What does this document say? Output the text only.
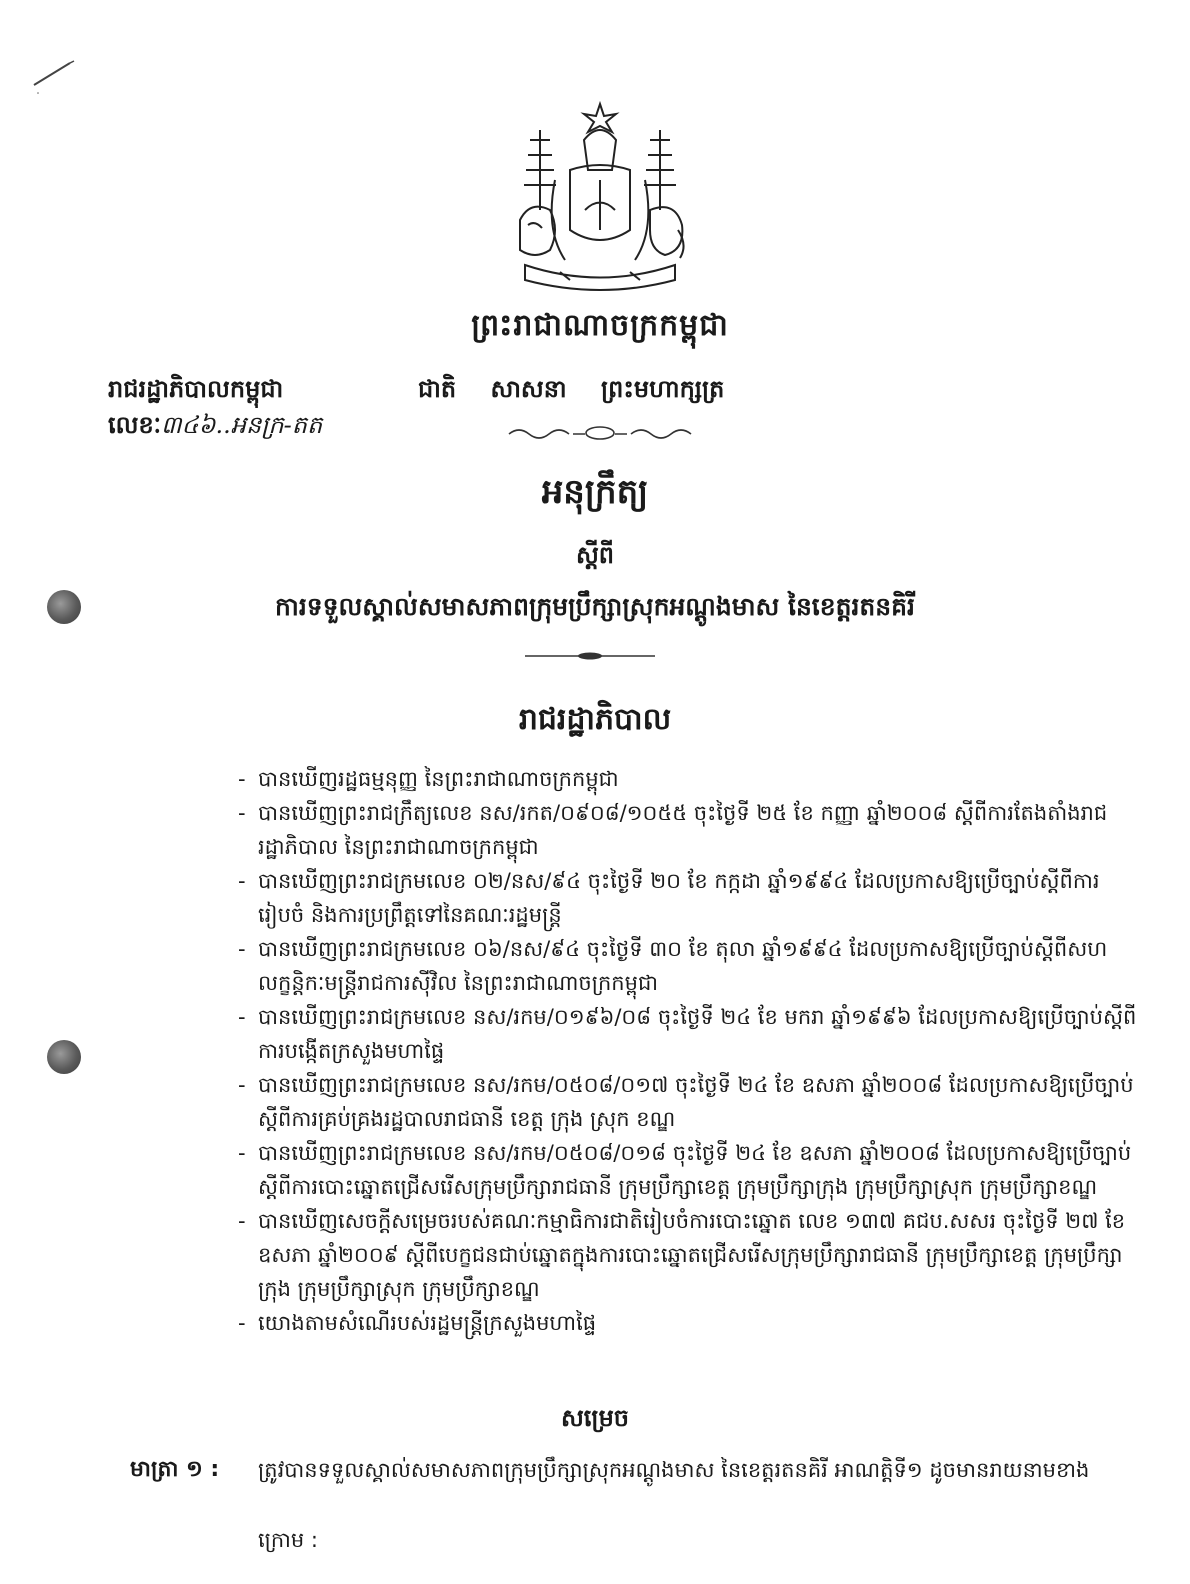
ព្រះរាជាណាចក្រកម្ពុជា
រាជរដ្ឋាភិបាលកម្ពុជា	ជាតិ សាសនា ព្រះមហាក្សត្រ
លេខៈ៣៤៦..អនក្រ-តត
អនុក្រឹត្យ
ស្តីពី
ការទទួលស្គាល់សមាសភាពក្រុមប្រឹក្សាស្រុកអណ្តូងមាស នៃខេត្តរតនគិរី
រាជរដ្ឋាភិបាល
- បានឃើញរដ្ឋធម្មនុញ្ញ នៃព្រះរាជាណាចក្រកម្ពុជា
- បានឃើញព្រះរាជក្រឹត្យលេខ នស/រកត/០៩០៨/១០៥៥ ចុះថ្ងៃទី ២៥ ខែ កញ្ញា ឆ្នាំ២០០៨ ស្តីពីការតែងតាំងរាជរដ្ឋាភិបាល នៃព្រះរាជាណាចក្រកម្ពុជា
- បានឃើញព្រះរាជក្រមលេខ ០២/នស/៩៤ ចុះថ្ងៃទី ២០ ខែ កក្កដា ឆ្នាំ១៩៩៤ ដែលប្រកាសឱ្យប្រើច្បាប់ស្តីពីការរៀបចំ និងការប្រព្រឹត្តទៅនៃគណៈរដ្ឋមន្ត្រី
- បានឃើញព្រះរាជក្រមលេខ ០៦/នស/៩៤ ចុះថ្ងៃទី ៣០ ខែ តុលា ឆ្នាំ១៩៩៤ ដែលប្រកាសឱ្យប្រើច្បាប់ស្តីពីសហលក្ខន្តិកៈមន្ត្រីរាជការស៊ីវិល នៃព្រះរាជាណាចក្រកម្ពុជា
- បានឃើញព្រះរាជក្រមលេខ នស/រកម/០១៩៦/០៨ ចុះថ្ងៃទី ២៤ ខែ មករា ឆ្នាំ១៩៩៦ ដែលប្រកាសឱ្យប្រើច្បាប់ស្តីពីការបង្កើតក្រសួងមហាផ្ទៃ
- បានឃើញព្រះរាជក្រមលេខ នស/រកម/០៥០៨/០១៧ ចុះថ្ងៃទី ២៤ ខែ ឧសភា ឆ្នាំ២០០៨ ដែលប្រកាសឱ្យប្រើច្បាប់ស្តីពីការគ្រប់គ្រងរដ្ឋបាលរាជធានី ខេត្ត ក្រុង ស្រុក ខណ្ឌ
- បានឃើញព្រះរាជក្រមលេខ នស/រកម/០៥០៨/០១៨ ចុះថ្ងៃទី ២៤ ខែ ឧសភា ឆ្នាំ២០០៨ ដែលប្រកាសឱ្យប្រើច្បាប់ស្តីពីការបោះឆ្នោតជ្រើសរើសក្រុមប្រឹក្សារាជធានី ក្រុមប្រឹក្សាខេត្ត ក្រុមប្រឹក្សាក្រុង ក្រុមប្រឹក្សាស្រុក ក្រុមប្រឹក្សាខណ្ឌ
- បានឃើញសេចក្តីសម្រេចរបស់គណៈកម្មាធិការជាតិរៀបចំការបោះឆ្នោត លេខ ១៣៧ គជប.សសរ ចុះថ្ងៃទី ២៧ ខែ ឧសភា ឆ្នាំ២០០៩ ស្តីពីបេក្ខជនជាប់ឆ្នោតក្នុងការបោះឆ្នោតជ្រើសរើសក្រុមប្រឹក្សារាជធានី ក្រុមប្រឹក្សាខេត្ត ក្រុមប្រឹក្សាក្រុង ក្រុមប្រឹក្សាស្រុក ក្រុមប្រឹក្សាខណ្ឌ
- យោងតាមសំណើរបស់រដ្ឋមន្ត្រីក្រសួងមហាផ្ទៃ
សម្រេច
មាត្រា ១ : ត្រូវបានទទួលស្គាល់សមាសភាពក្រុមប្រឹក្សាស្រុកអណ្តូងមាស នៃខេត្តរតនគិរី អាណត្តិទី១ ដូចមានរាយនាមខាង
ក្រោម :
